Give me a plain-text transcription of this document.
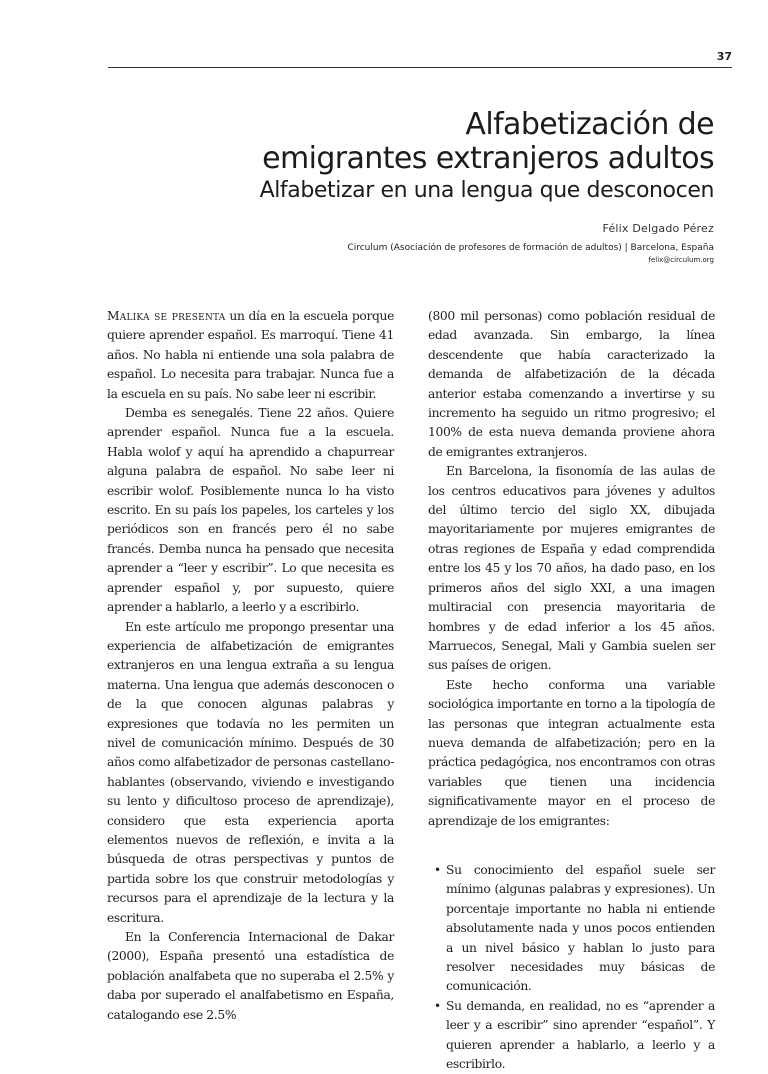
37
Alfabetización de
emigrantes extranjeros adultos
Alfabetizar en una lengua que desconocen
Félix Delgado Pérez
Circulum (Asociación de profesores de formación de adultos) | Barcelona, España
felix@circulum.org

Malika se presenta un día en la escuela porque quiere aprender español. Es marroquí. Tiene 41 años. No habla ni entiende una sola palabra de español. Lo necesita para trabajar. Nunca fue a la escuela en su país. No sabe leer ni escribir.

Demba es senegalés. Tiene 22 años. Quiere aprender español. Nunca fue a la escuela. Habla wolof y aquí ha aprendido a chapurrear alguna palabra de español. No sabe leer ni escribir wolof. Posiblemente nunca lo ha visto escrito. En su país los papeles, los carteles y los periódicos son en francés pero él no sabe francés. Demba nunca ha pensado que necesita aprender a “leer y escribir”. Lo que necesita es aprender español y, por supuesto, quiere aprender a hablarlo, a leerlo y a escribirlo.

En este artículo me propongo presentar una experiencia de alfabetización de emigrantes extranjeros en una lengua extraña a su lengua materna. Una lengua que además desconocen o de la que conocen algunas palabras y expresiones que todavía no les permiten un nivel de comunicación mínimo. Después de 30 años como alfabetizador de personas castellano-hablantes (observando, viviendo e investigando su lento y dificultoso proceso de aprendizaje), considero que esta experiencia aporta elementos nuevos de reflexión, e invita a la búsqueda de otras perspectivas y puntos de partida sobre los que construir metodologías y recursos para el aprendizaje de la lectura y la escritura.

En la Conferencia Internacional de Dakar (2000), España presentó una estadística de población analfabeta que no superaba el 2.5% y daba por superado el analfabetismo en España, catalogando ese 2.5%

(800 mil personas) como población residual de edad avanzada. Sin embargo, la línea descendente que había caracterizado la demanda de alfabetización de la década anterior estaba comenzando a invertirse y su incremento ha seguido un ritmo progresivo; el 100% de esta nueva demanda proviene ahora de emigrantes extranjeros.

En Barcelona, la fisonomía de las aulas de los centros educativos para jóvenes y adultos del último tercio del siglo XX, dibujada mayoritariamente por mujeres emigrantes de otras regiones de España y edad comprendida entre los 45 y los 70 años, ha dado paso, en los primeros años del siglo XXI, a una imagen multiracial con presencia mayoritaria de hombres y de edad inferior a los 45 años. Marruecos, Senegal, Mali y Gambia suelen ser sus países de origen.

Este hecho conforma una variable sociológica importante en torno a la tipología de las personas que integran actualmente esta nueva demanda de alfabetización; pero en la práctica pedagógica, nos encontramos con otras variables que tienen una incidencia significativamente mayor en el proceso de aprendizaje de los emigrantes:

• Su conocimiento del español suele ser mínimo (algunas palabras y expresiones). Un porcentaje importante no habla ni entiende absolutamente nada y unos pocos entienden a un nivel básico y hablan lo justo para resolver necesidades muy básicas de comunicación.
• Su demanda, en realidad, no es “aprender a leer y a escribir” sino aprender “español”. Y quieren aprender a hablarlo, a leerlo y a escribirlo.
